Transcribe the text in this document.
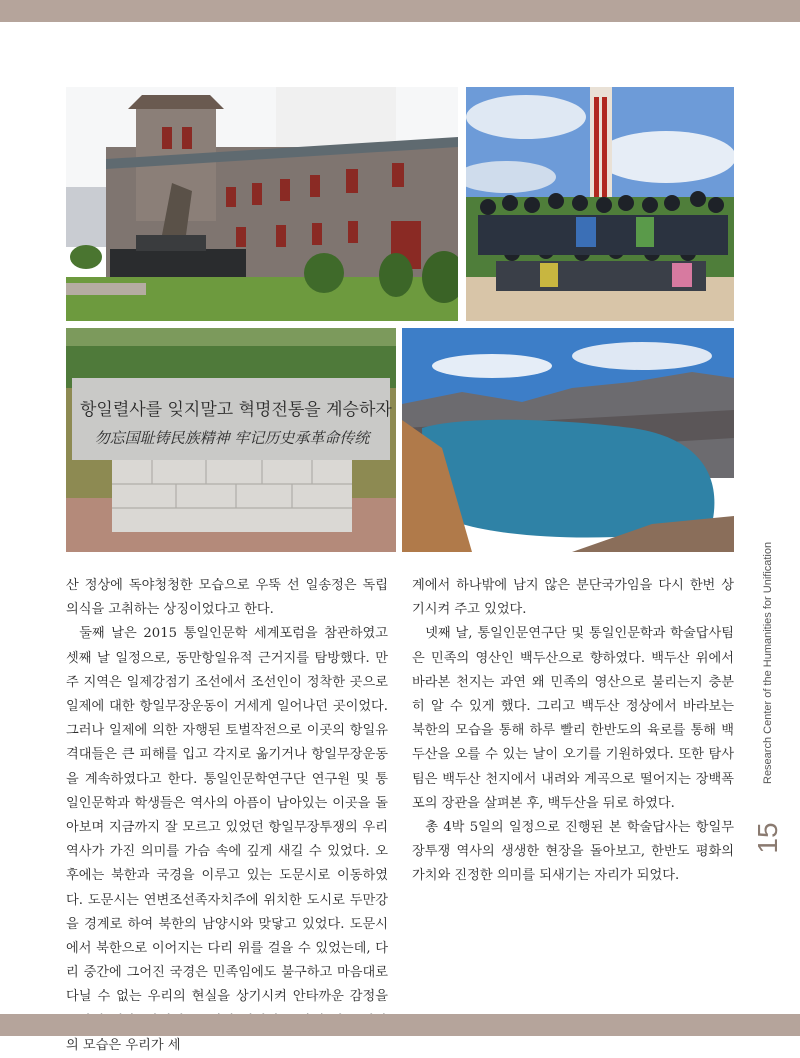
항일렬사를 잊지말고 혁명전통을 계승하자
勿忘国耻铸民族精神 牢记历史承革命传统

산 정상에 독야청청한 모습으로 우뚝 선 일송정은 독립의식을 고취하는 상징이었다고 한다.

둘째 날은 2015 통일인문학 세계포럼을 참관하였고 셋째 날 일정으로, 동만항일유적 근거지를 탐방했다. 만주 지역은 일제강점기 조선에서 조선인이 정착한 곳으로 일제에 대한 항일무장운동이 거세게 일어나던 곳이었다. 그러나 일제에 의한 자행된 토벌작전으로 이곳의 항일유격대들은 큰 피해를 입고 각지로 옮기거나 항일무장운동을 계속하였다고 한다. 통일인문학연구단 연구원 및 통일인문학과 학생들은 역사의 아픔이 남아있는 이곳을 돌아보며 지금까지 잘 모르고 있었던 항일무장투쟁의 우리 역사가 가진 의미를 가슴 속에 깊게 새길 수 있었다. 오후에는 북한과 국경을 이루고 있는 도문시로 이동하였다. 도문시는 연변조선족자치주에 위치한 도시로 두만강을 경계로 하여 북한의 남양시와 맞닿고 있었다. 도문시에서 북한으로 이어지는 다리 위를 걸을 수 있었는데, 다리 중간에 그어진 국경은 민족임에도 불구하고 마음대로 다닐 수 없는 우리의 현실을 상기시켜 안타까운 감정을 의 모습은 우리가 세

계에서 하나밖에 남지 않은 분단국가임을 다시 한번 상기시켜 주고 있었다.

넷째 날, 통일인문연구단 및 통일인문학과 학술답사팀은 민족의 영산인 백두산으로 향하였다. 백두산 위에서 바라본 천지는 과연 왜 민족의 영산으로 불리는지 충분히 알 수 있게 했다. 그리고 백두산 정상에서 바라보는 북한의 모습을 통해 하루 빨리 한반도의 육로를 통해 백두산을 오를 수 있는 날이 오기를 기원하였다. 또한 탐사팀은 백두산 천지에서 내려와 계곡으로 떨어지는 장백폭포의 장관을 살펴본 후, 백두산을 뒤로 하였다.

총 4박 5일의 일정으로 진행된 본 학술답사는 항일무장투쟁 역사의 생생한 현장을 돌아보고, 한반도 평화의 가치와 진정한 의미를 되새기는 자리가 되었다.

Research Center of the Humanities for Unification
15
